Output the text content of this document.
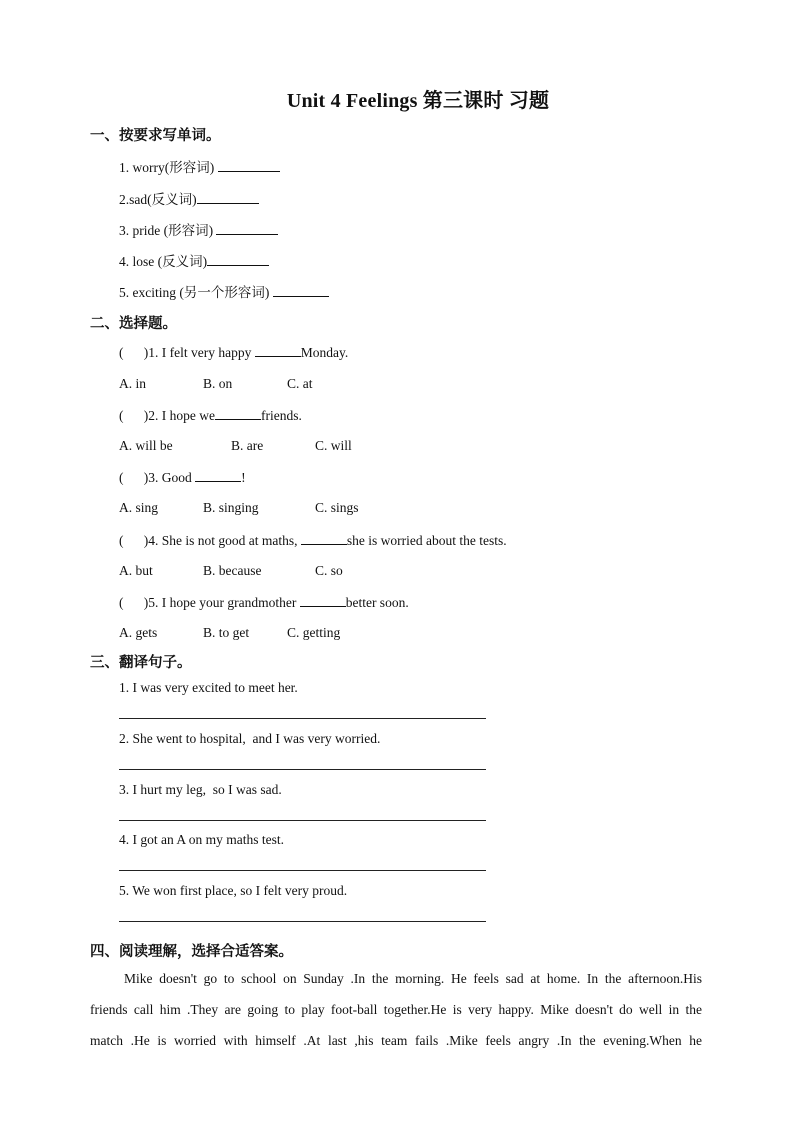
Unit 4 Feelings 第三课时 习题
一、按要求写单词。
1. worry(形容词)
2.sad(反义词)
3. pride (形容词)
4. lose (反义词)
5. exciting (另一个形容词)
二、选择题。
(      )1. I felt very happy	Monday.
A. in	B. on	C. at
(      )2. I hope we	friends.
A. will be	B. are	C. will
(      )3. Good	!
A. sing	B. singing	C. sings
(      )4. She is not good at maths,	she is worried about the tests.
A. but	B. because	C. so
(      )5. I hope your grandmother	better soon.
A. gets	B. to get	C. getting
三、翻译句子。
1. I was very excited to meet her.
2. She went to hospital,  and I was very worried.
3. I hurt my leg,  so I was sad.
4. I got an A on my maths test.
5. We won first place, so I felt very proud.
四、阅读理解，选择合适答案。
Mike doesn't go to school on Sunday .In the morning. He feels sad at home. In the afternoon.His
friends call him .They are going to play foot-ball together.He is very happy. Mike doesn't do well in the
match .He is worried with himself .At last ,his team fails .Mike feels angry .In the evening.When he
